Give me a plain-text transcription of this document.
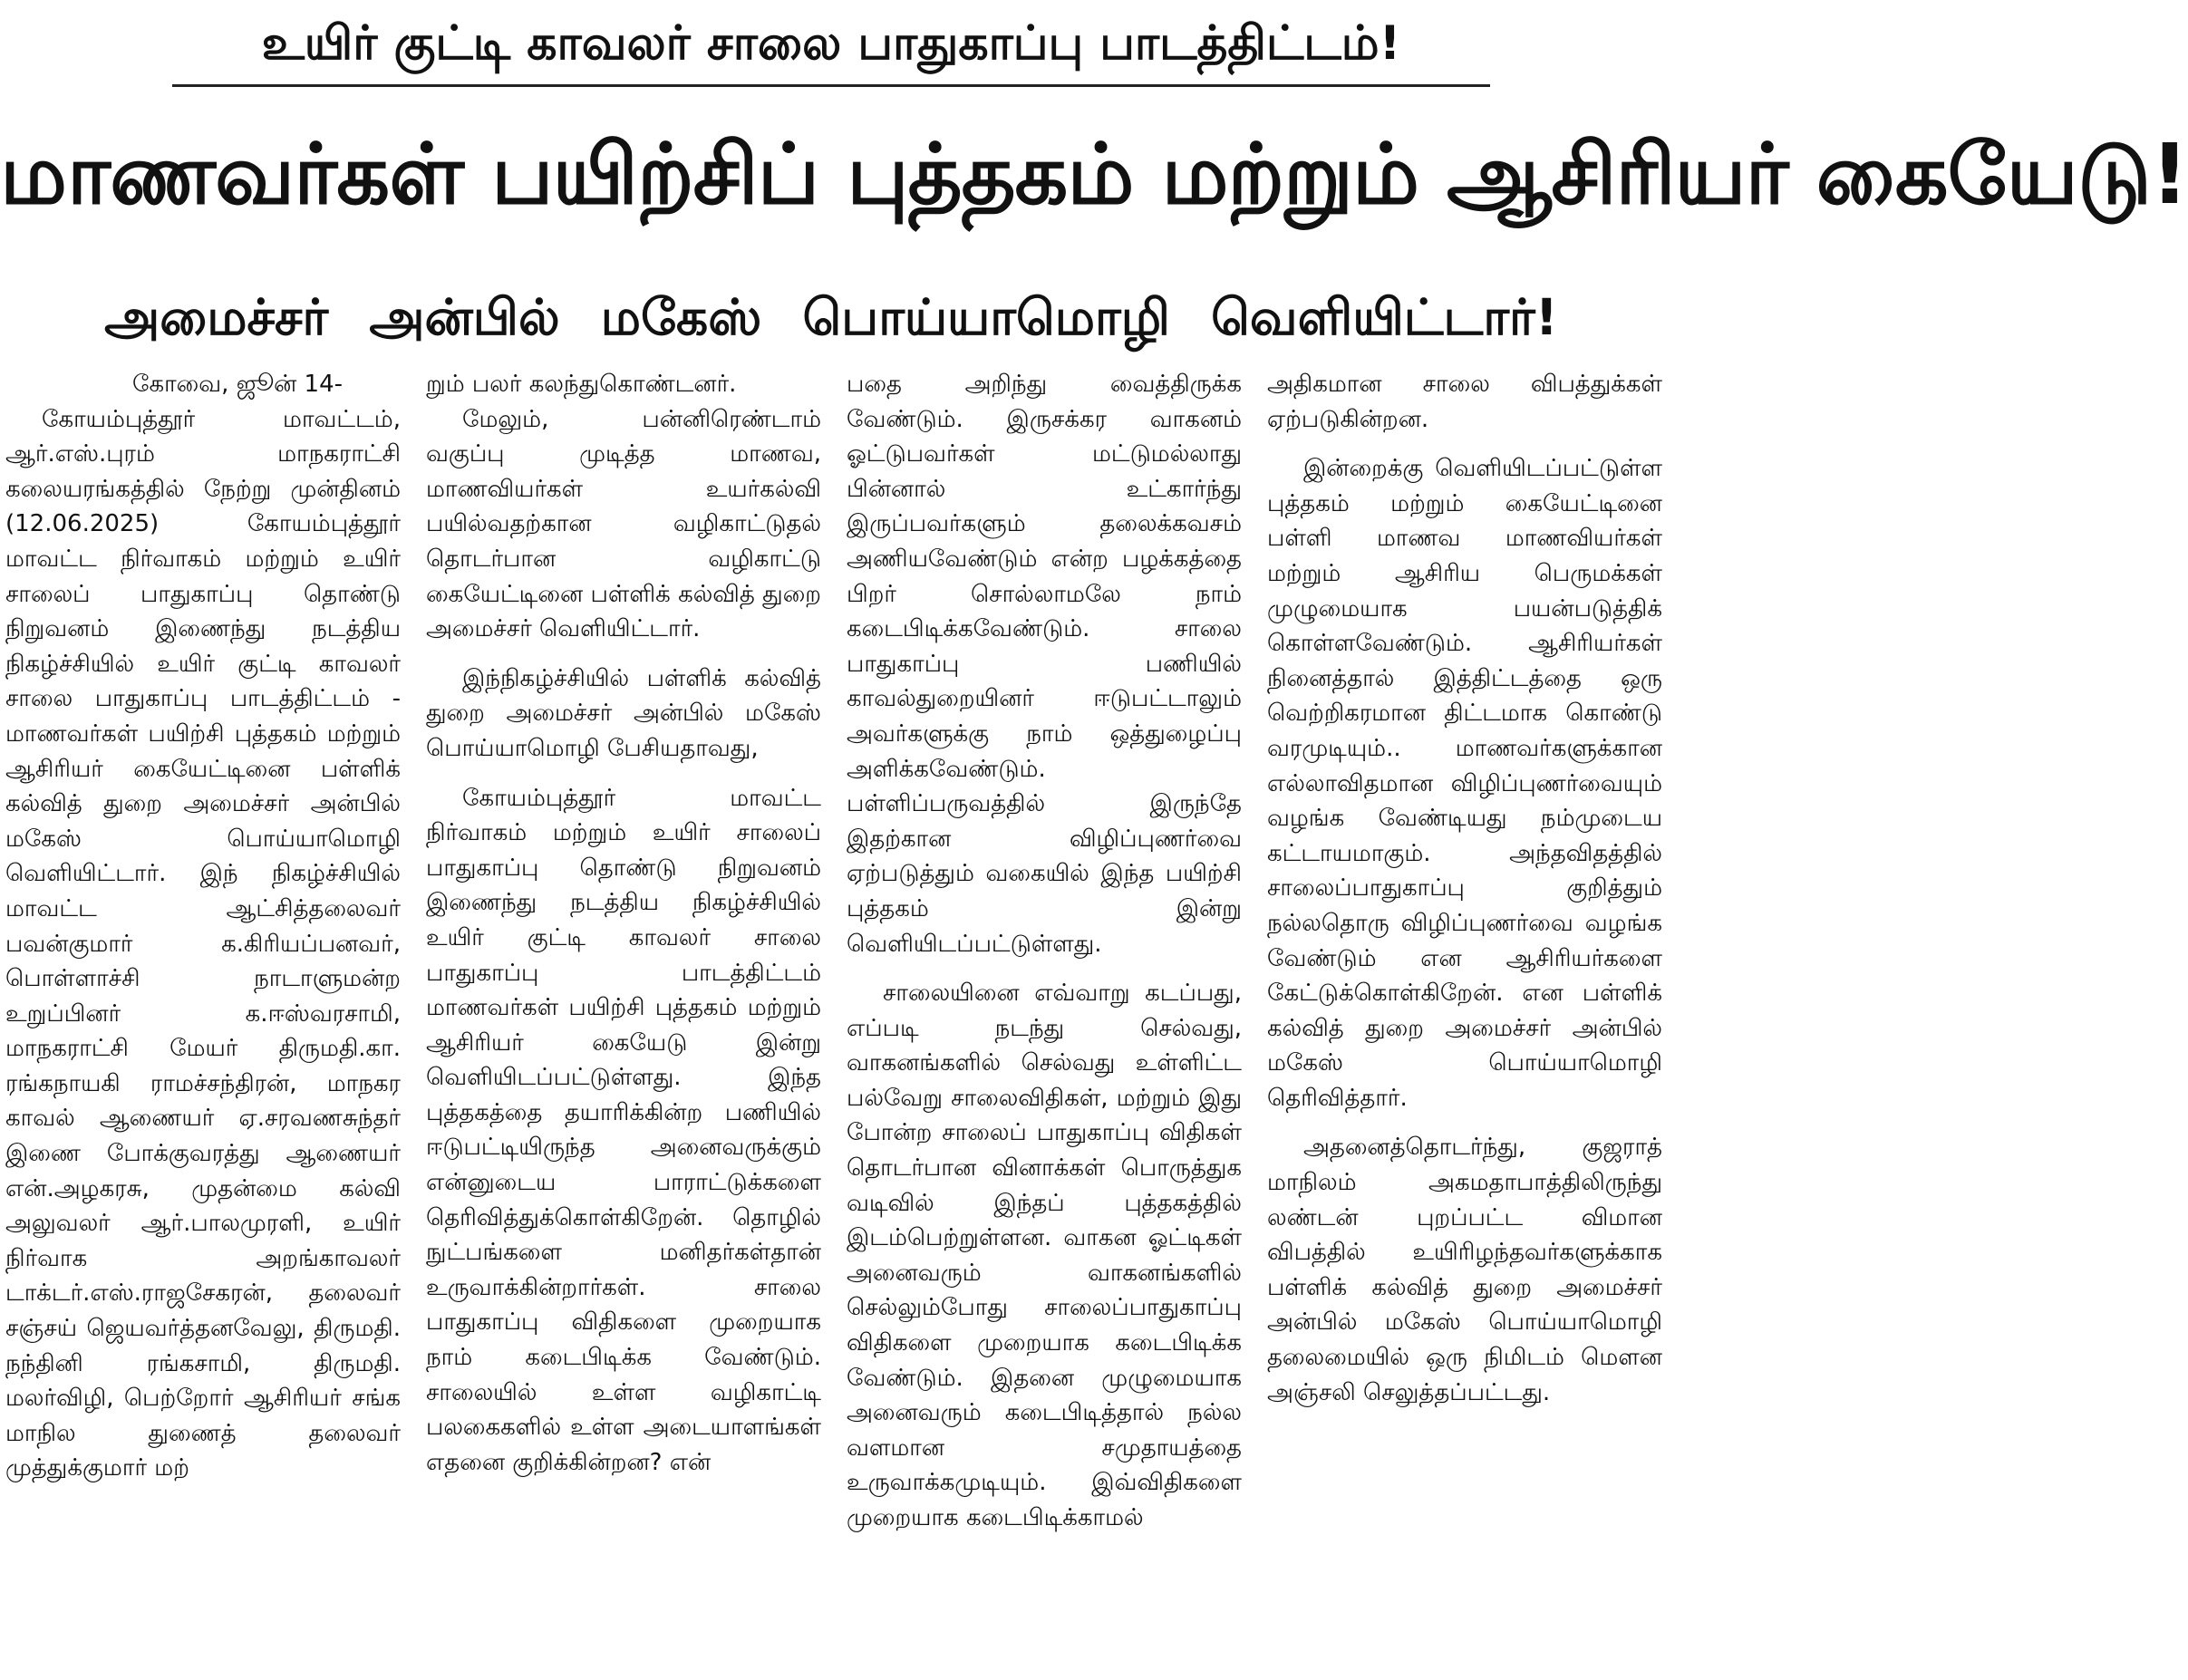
உயிர் குட்டி காவலர் சாலை பாதுகாப்பு பாடத்திட்டம்!
மாணவர்கள் பயிற்சிப் புத்தகம் மற்றும் ஆசிரியர் கையேடு!
அமைச்சர் அன்பில் மகேஸ் பொய்யாமொழி வெளியிட்டார்!

கோவை, ஜூன் 14-

கோயம்புத்தூர் மாவட்டம், ஆர்.எஸ்.புரம் மாநகராட்சி கலையரங்கத்தில் நேற்று முன்தினம் (12.06.2025) கோயம்புத்தூர் மாவட்ட நிர்வாகம் மற்றும் உயிர் சாலைப் பாதுகாப்பு தொண்டு நிறுவனம் இணைந்து நடத்திய நிகழ்ச்சியில் உயிர் குட்டி காவலர் சாலை பாதுகாப்பு பாடத்திட்டம் - மாணவர்கள் பயிற்சி புத்தகம் மற்றும் ஆசிரியர் கையேட்டினை பள்ளிக் கல்வித் துறை அமைச்சர் அன்பில் மகேஸ் பொய்யாமொழி வெளியிட்டார். இந் நிகழ்ச்சியில் மாவட்ட ஆட்சித்தலைவர் பவன்குமார் க.கிரியப்பனவர், பொள்ளாச்சி நாடாளுமன்ற உறுப்பினர் க.ஈஸ்வரசாமி, மாநகராட்சி மேயர் திருமதி.கா. ரங்கநாயகி ராமச்சந்திரன், மாநகர காவல் ஆணையர் ஏ.சரவணசுந்தர் இணை போக்குவரத்து ஆணையர் என்.அழகரசு, முதன்மை கல்வி அலுவலர் ஆர்.பாலமுரளி, உயிர் நிர்வாக அறங்காவலர் டாக்டர்.எஸ்.ராஜசேகரன், தலைவர் சஞ்சய் ஜெயவர்த்தனவேலு, திருமதி. நந்தினி ரங்கசாமி, திருமதி. மலர்விழி, பெற்றோர் ஆசிரியர் சங்க மாநில துணைத் தலைவர் முத்துக்குமார் மற்

றும் பலர் கலந்துகொண்டனர்.

மேலும், பன்னிரெண்டாம் வகுப்பு முடித்த மாணவ, மாணவியர்கள் உயர்கல்வி பயில்வதற்கான வழிகாட்டுதல் தொடர்பான வழிகாட்டு கையேட்டினை பள்ளிக் கல்வித் துறை அமைச்சர் வெளியிட்டார்.

இந்நிகழ்ச்சியில் பள்ளிக் கல்வித் துறை அமைச்சர் அன்பில் மகேஸ் பொய்யாமொழி பேசியதாவது,

கோயம்புத்தூர் மாவட்ட நிர்வாகம் மற்றும் உயிர் சாலைப் பாதுகாப்பு தொண்டு நிறுவனம் இணைந்து நடத்திய நிகழ்ச்சியில் உயிர் குட்டி காவலர் சாலை பாதுகாப்பு பாடத்திட்டம் மாணவர்கள் பயிற்சி புத்தகம் மற்றும் ஆசிரியர் கையேடு இன்று வெளியிடப்பட்டுள்ளது. இந்த புத்தகத்தை தயாரிக்கின்ற பணியில் ஈடுபட்டியிருந்த அனைவருக்கும் என்னுடைய பாராட்டுக்களை தெரிவித்துக்கொள்கிறேன். தொழில் நுட்பங்களை மனிதர்கள்தான் உருவாக்கின்றார்கள். சாலை பாதுகாப்பு விதிகளை முறையாக நாம் கடைபிடிக்க வேண்டும். சாலையில் உள்ள வழிகாட்டி பலகைகளில் உள்ள அடையாளங்கள் எதனை குறிக்கின்றன? என்

பதை அறிந்து வைத்திருக்க வேண்டும். இருசக்கர வாகனம் ஓட்டுபவர்கள் மட்டுமல்லாது பின்னால் உட்கார்ந்து இருப்பவர்களும் தலைக்கவசம் அணியவேண்டும் என்ற பழக்கத்தை பிறர் சொல்லாமலே நாம் கடைபிடிக்கவேண்டும். சாலை பாதுகாப்பு பணியில் காவல்துறையினர் ஈடுபட்டாலும் அவர்களுக்கு நாம் ஒத்துழைப்பு அளிக்கவேண்டும். பள்ளிப்பருவத்தில் இருந்தே இதற்கான விழிப்புணர்வை ஏற்படுத்தும் வகையில் இந்த பயிற்சி புத்தகம் இன்று வெளியிடப்பட்டுள்ளது.

சாலையினை எவ்வாறு கடப்பது, எப்படி நடந்து செல்வது, வாகனங்களில் செல்வது உள்ளிட்ட பல்வேறு சாலைவிதிகள், மற்றும் இது போன்ற சாலைப் பாதுகாப்பு விதிகள் தொடர்பான வினாக்கள் பொருத்துக வடிவில் இந்தப் புத்தகத்தில் இடம்பெற்றுள்ளன. வாகன ஓட்டிகள் அனைவரும் வாகனங்களில் செல்லும்போது சாலைப்பாதுகாப்பு விதிகளை முறையாக கடைபிடிக்க வேண்டும். இதனை முழுமையாக அனைவரும் கடைபிடித்தால் நல்ல வளமான சமுதாயத்தை உருவாக்கமுடியும். இவ்விதிகளை முறையாக கடைபிடிக்காமல்

அதிகமான சாலை விபத்துக்கள் ஏற்படுகின்றன.

இன்றைக்கு வெளியிடப்பட்டுள்ள புத்தகம் மற்றும் கையேட்டினை பள்ளி மாணவ மாணவியர்கள் மற்றும் ஆசிரிய பெருமக்கள் முழுமையாக பயன்படுத்திக் கொள்ளவேண்டும். ஆசிரியர்கள் நினைத்தால் இத்திட்டத்தை ஒரு வெற்றிகரமான திட்டமாக கொண்டு வரமுடியும்.. மாணவர்களுக்கான எல்லாவிதமான விழிப்புணர்வையும் வழங்க வேண்டியது நம்முடைய கட்டாயமாகும். அந்தவிதத்தில் சாலைப்பாதுகாப்பு குறித்தும் நல்லதொரு விழிப்புணர்வை வழங்க வேண்டும் என ஆசிரியர்களை கேட்டுக்கொள்கிறேன். என பள்ளிக் கல்வித் துறை அமைச்சர் அன்பில் மகேஸ் பொய்யாமொழி தெரிவித்தார்.

அதனைத்தொடர்ந்து, குஜராத் மாநிலம் அகமதாபாத்திலிருந்து லண்டன் புறப்பட்ட விமான விபத்தில் உயிரிழந்தவர்களுக்காக பள்ளிக் கல்வித் துறை அமைச்சர் அன்பில் மகேஸ் பொய்யாமொழி தலைமையில் ஒரு நிமிடம் மௌன அஞ்சலி செலுத்தப்பட்டது.
